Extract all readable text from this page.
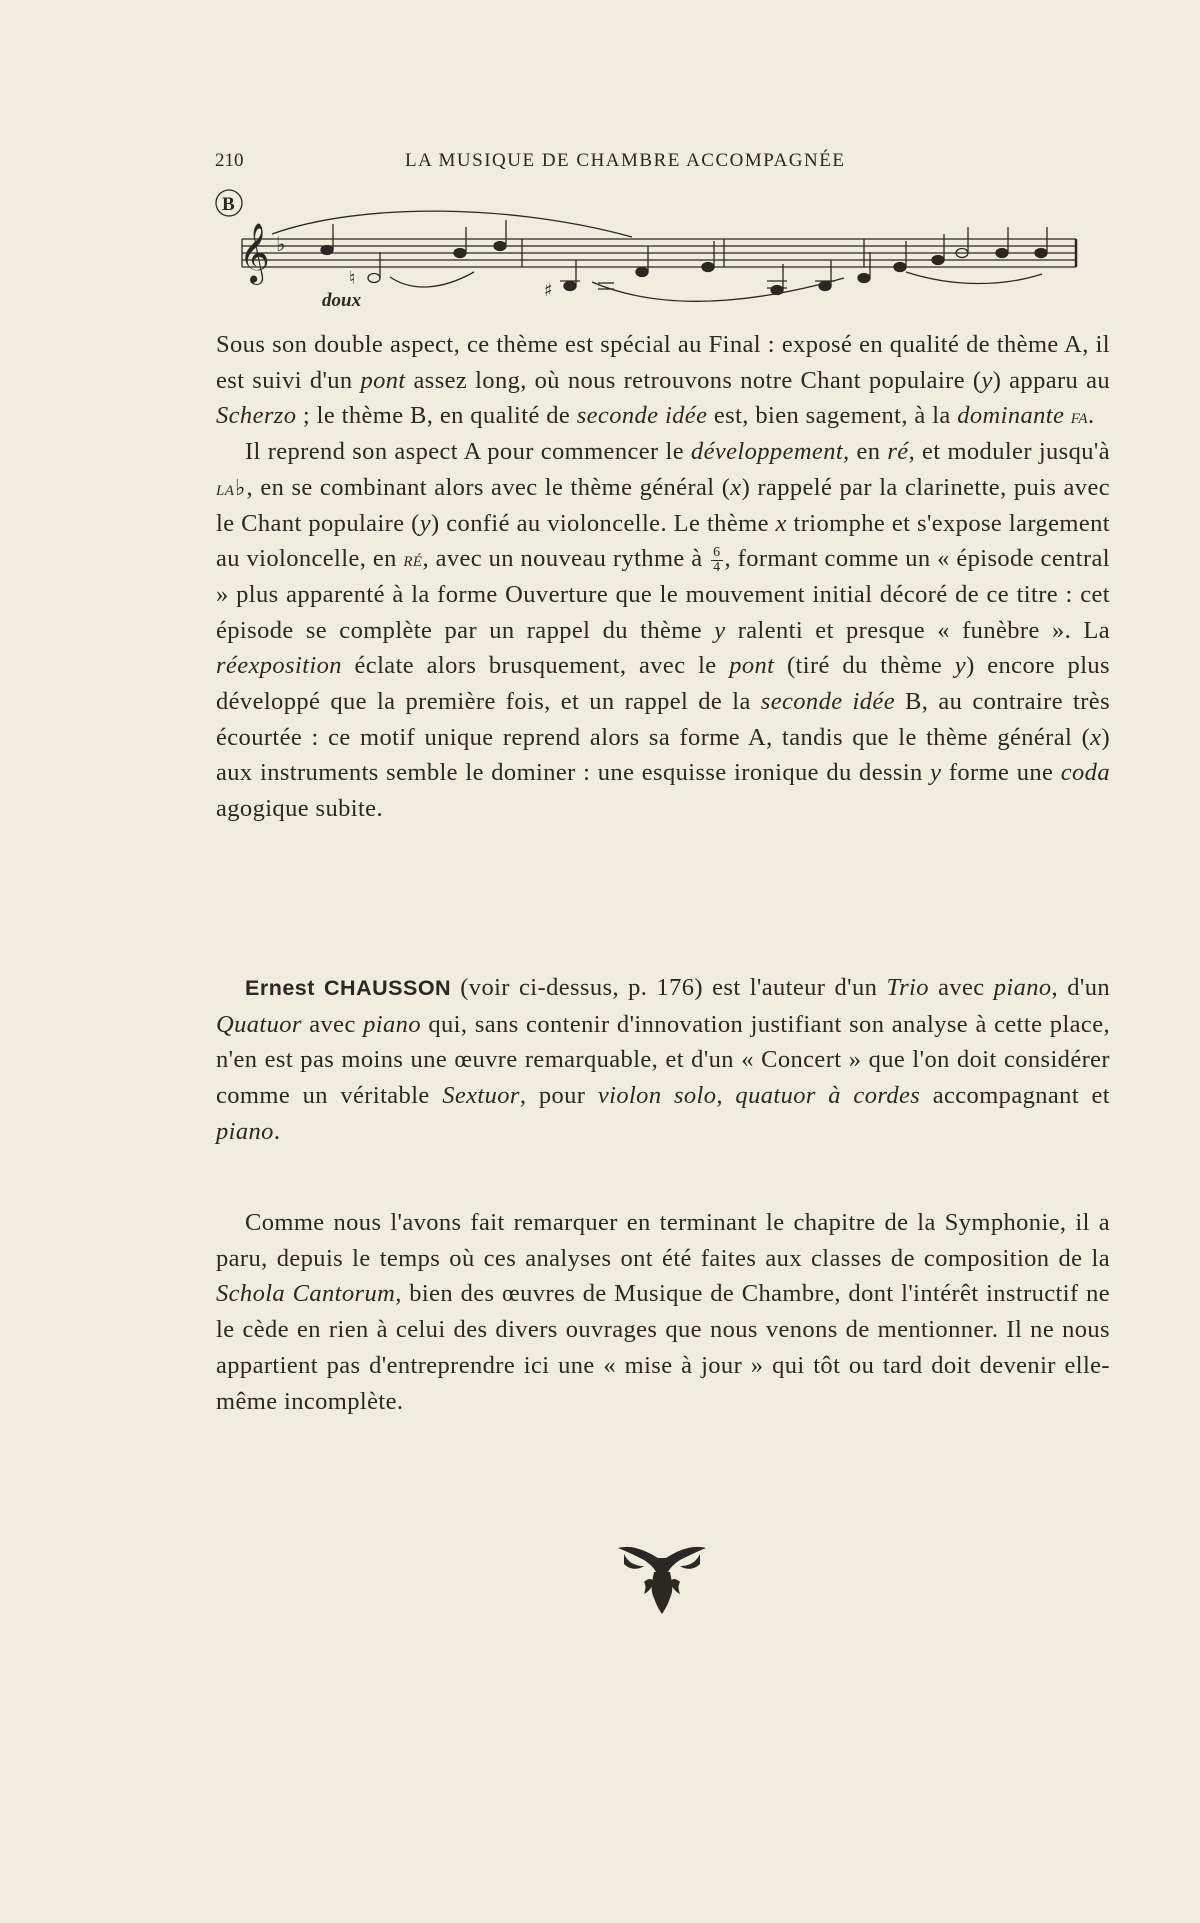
210	LA MUSIQUE DE CHAMBRE ACCOMPAGNÉE
𝄞 ♭
B
doux
♮
♯

Sous son double aspect, ce thème est spécial au Final : exposé en qualité de thème A, il est suivi d'un pont assez long, où nous retrouvons notre Chant populaire (y) apparu au Scherzo ; le thème B, en qualité de seconde idée est, bien sagement, à la dominante fa.

Il reprend son aspect A pour commencer le développement, en ré, et moduler jusqu'à la♭, en se combinant alors avec le thème général (x) rappelé par la clarinette, puis avec le Chant populaire (y) confié au violoncelle. Le thème x triomphe et s'expose largement au violoncelle, en ré, avec un nouveau rythme à $\frac{6}{4}$ , formant comme un « épisode central » plus apparenté à la forme Ouverture que le mouvement initial décoré de ce titre : cet épisode se complète par un rappel du thème y ralenti et presque « funèbre ». La réexposition éclate alors brusquement, avec le pont (tiré du thème y) encore plus développé que la première fois, et un rappel de la seconde idée B, au contraire très écourtée : ce motif unique reprend alors sa forme A, tandis que le thème général (x) aux instruments semble le dominer : une esquisse ironique du dessin y forme une coda agogique subite.

Ernest CHAUSSON (voir ci-dessus, p. 176) est l'auteur d'un Trio avec piano, d'un Quatuor avec piano qui, sans contenir d'innovation justifiant son analyse à cette place, n'en est pas moins une œuvre remarquable, et d'un « Concert » que l'on doit considérer comme un véritable Sextuor, pour violon solo, quatuor à cordes accompagnant et piano.

Comme nous l'avons fait remarquer en terminant le chapitre de la Symphonie, il a paru, depuis le temps où ces analyses ont été faites aux classes de composition de la Schola Cantorum, bien des œuvres de Musique de Chambre, dont l'intérêt instructif ne le cède en rien à celui des divers ouvrages que nous venons de mentionner. Il ne nous appartient pas d'entreprendre ici une « mise à jour » qui tôt ou tard doit devenir elle-même incomplète.
